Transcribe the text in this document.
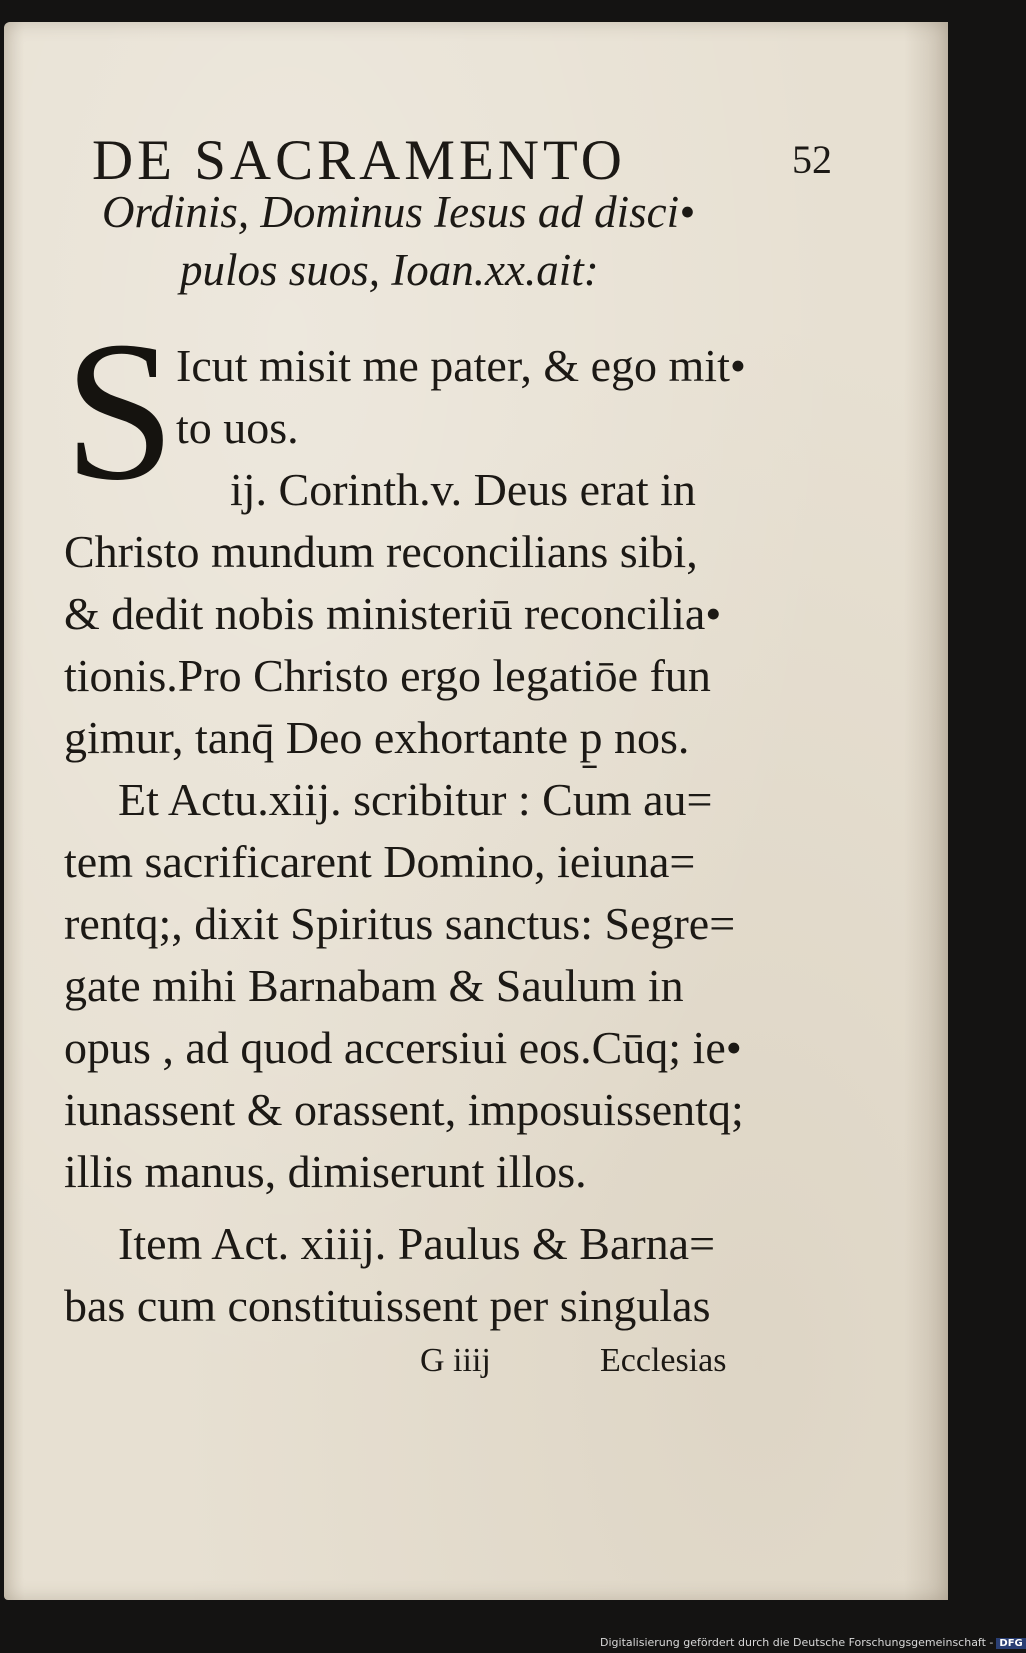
DE SACRAMENTO	52
Ordinis, Dominus Iesus ad disci•
pulos suos, Ioan.xx.ait:
S Icut misit me pater, & ego mit•
to uos.
ij. Corinth.v. Deus erat in
Christo mundum reconcilians sibi,
& dedit nobis ministeriū reconcilia•
tionis.Pro Christo ergo legatiōe fun
gimur, tanq̄ Deo exhortante p̱ nos.
Et Actu.xiij. scribitur : Cum au=
tem sacrificarent Domino, ieiuna=
rentq;, dixit Spiritus sanctus: Segre=
gate mihi Barnabam & Saulum in
opus , ad quod accersiui eos.Cūq; ie•
iunassent & orassent, imposuissentq;
illis manus, dimiserunt illos.
Item Act. xiiij. Paulus & Barna=
bas cum constituissent per singulas
G iiij	Ecclesias
Digitalisierung gefördert durch die Deutsche Forschungsgemeinschaft - DFG
